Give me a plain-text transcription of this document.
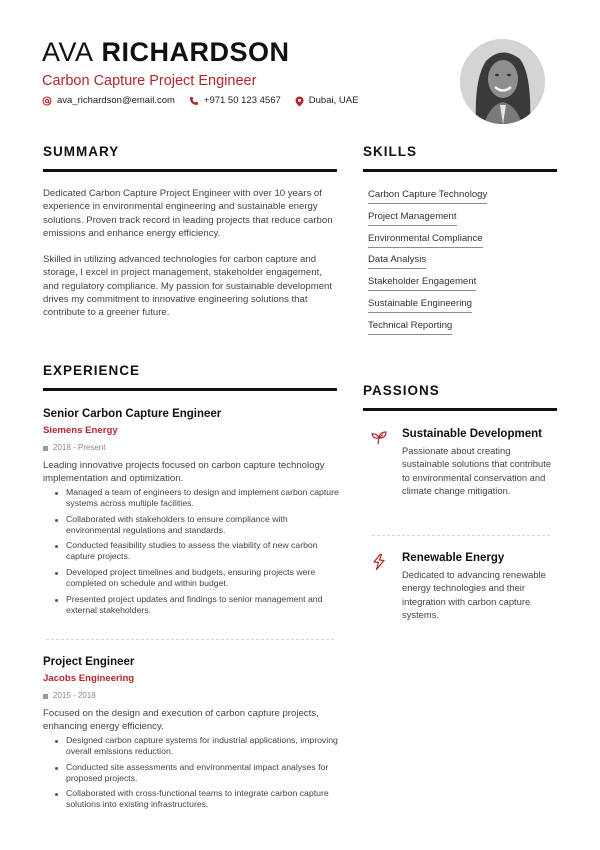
AVA RICHARDSON
Carbon Capture Project Engineer
ava_richardson@email.com	+971 50 123 4567	Dubai, UAE
SUMMARY

Dedicated Carbon Capture Project Engineer with over 10 years of experience in environmental engineering and sustainable energy solutions. Proven track record in leading projects that reduce carbon emissions and enhance energy efficiency.

Skilled in utilizing advanced technologies for carbon capture and storage, I excel in project management, stakeholder engagement, and regulatory compliance. My passion for sustainable development drives my commitment to innovative engineering solutions that contribute to a greener future.

SKILLS
Carbon Capture Technology
Project Management
Environmental Compliance
Data Analysis
Stakeholder Engagement
Sustainable Engineering
Technical Reporting
EXPERIENCE
Senior Carbon Capture Engineer
Siemens Energy
2018 - Present
Leading innovative projects focused on carbon capture technology implementation and optimization.
Managed a team of engineers to design and implement carbon capture systems across multiple facilities.
Collaborated with stakeholders to ensure compliance with environmental regulations and standards.
Conducted feasibility studies to assess the viability of new carbon capture projects.
Developed project timelines and budgets, ensuring projects were completed on schedule and within budget.
Presented project updates and findings to senior management and external stakeholders.
Project Engineer
Jacobs Engineering
2015 - 2018
Focused on the design and execution of carbon capture projects, enhancing energy efficiency.
Designed carbon capture systems for industrial applications, improving overall emissions reduction.
Conducted site assessments and environmental impact analyses for proposed projects.
Collaborated with cross-functional teams to integrate carbon capture solutions into existing infrastructures.
PASSIONS
Sustainable Development
Passionate about creating sustainable solutions that contribute to environmental conservation and climate change mitigation.
Renewable Energy
Dedicated to advancing renewable energy technologies and their integration with carbon capture systems.
